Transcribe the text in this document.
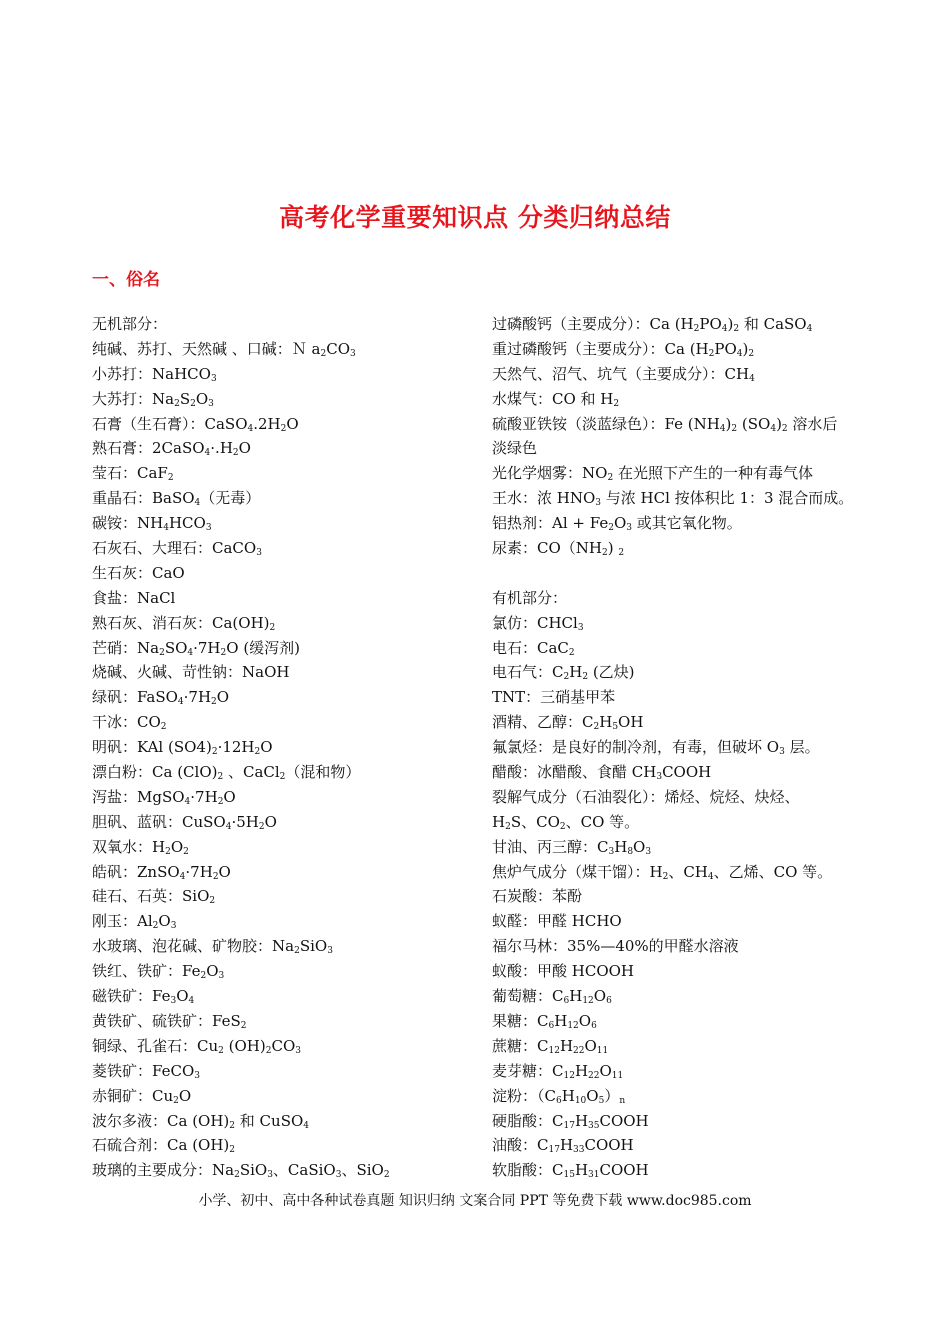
高考化学重要知识点 分类归纳总结
一、俗名
无机部分：
纯碱、苏打、天然碱 、口碱：Ｎ $a_2CO_3$
小苏打：NaHCO$_3$
大苏打：$Na_2S_2O_3$
石膏（生石膏）：$CaSO_4.2H_2O$
熟石膏：$2CaSO_4\cdot.H_2O$
莹石：CaF$_2$
重晶石：BaSO$_4$（无毒）
碳铵：$NH_4HCO_3$
石灰石、大理石：CaCO$_3$
生石灰：CaO
食盐：NaCl
熟石灰、消石灰：$Ca(OH)_2$
芒硝：$Na_2SO_4\cdot 7H_2O$ (缓泻剂)
烧碱、火碱、苛性钠：NaOH
绿矾：$FaSO_4\cdot 7H_2O$
干冰：$CO_2$
明矾：KAl $(SO4)_2\cdot 12H_2O$
漂白粉：Ca $(ClO)_2$ 、CaCl$_2$（混和物）
泻盐：$MgSO_4\cdot 7H_2O$
胆矾、蓝矾：$CuSO_4\cdot 5H_2O$
双氧水：$H_2O_2$
皓矾：$ZnSO_4\cdot 7H_2O$
硅石、石英：SiO$_2$
刚玉：$Al_2O_3$
水玻璃、泡花碱、矿物胶：$Na_2SiO_3$
铁红、铁矿：$Fe_2O_3$
磁铁矿：$Fe_3O_4$
黄铁矿、硫铁矿：FeS$_2$
铜绿、孔雀石：$Cu_2$ $(OH)_2CO_3$
菱铁矿：FeCO$_3$
赤铜矿：$Cu_2O$
波尔多液：Ca $(OH)_2$ 和 CuSO$_4$
石硫合剂：Ca $(OH)_2$
玻璃的主要成分：$Na_2SiO_3$、CaSiO$_3$、SiO$_2$
过磷酸钙（主要成分）：Ca $(H_2PO_4)_2$ 和 CaSO$_4$
重过磷酸钙（主要成分）：Ca $(H_2PO_4)_2$
天然气、沼气、坑气（主要成分）：$CH_4$
水煤气：CO 和 $H_2$
硫酸亚铁铵（淡蓝绿色）：Fe $(NH_4)_2$ $(SO_4)_2$ 溶水后
淡绿色
光化学烟雾：$NO_2$ 在光照下产生的一种有毒气体
王水：浓 $HNO_3$ 与浓 HCl 按体积比 1：3 混合而成。
铝热剂：$Al + Fe_2O_3$ 或其它氧化物。
尿素：$CO(NH_2)$ $_2$
有机部分：
氯仿：CHCl$_3$
电石：CaC$_2$
电石气：$C_2H_2$ (乙炔)
TNT：三硝基甲苯
酒精、乙醇：$C_2H_5OH$
氟氯烃：是良好的制冷剂，有毒，但破坏 $O_3$ 层。
醋酸：冰醋酸、食醋 $CH_3COOH$
裂解气成分（石油裂化）：烯烃、烷烃、炔烃、
$H_2S$、$CO_2$、CO 等。
甘油、丙三醇：$C_3H_8O_3$
焦炉气成分（煤干馏）：$H_2$、$CH_4$、乙烯、CO 等。
石炭酸：苯酚
蚁醛：甲醛 HCHO
福尔马林：35%—40%的甲醛水溶液
蚁酸：甲酸 HCOOH
葡萄糖：$C_6H_{12}O_6$
果糖：$C_6H_{12}O_6$
蔗糖：$C_{12}H_{22}O_{11}$
麦芽糖：$C_{12}H_{22}O_{11}$
淀粉：$(C_6H_{10}O_5)_n$
硬脂酸：$C_{17}H_{35}COOH$
油酸：$C_{17}H_{33}COOH$
软脂酸：$C_{15}H_{31}COOH$
小学、初中、高中各种试卷真题 知识归纳 文案合同 PPT 等免费下载 www.doc985.com
